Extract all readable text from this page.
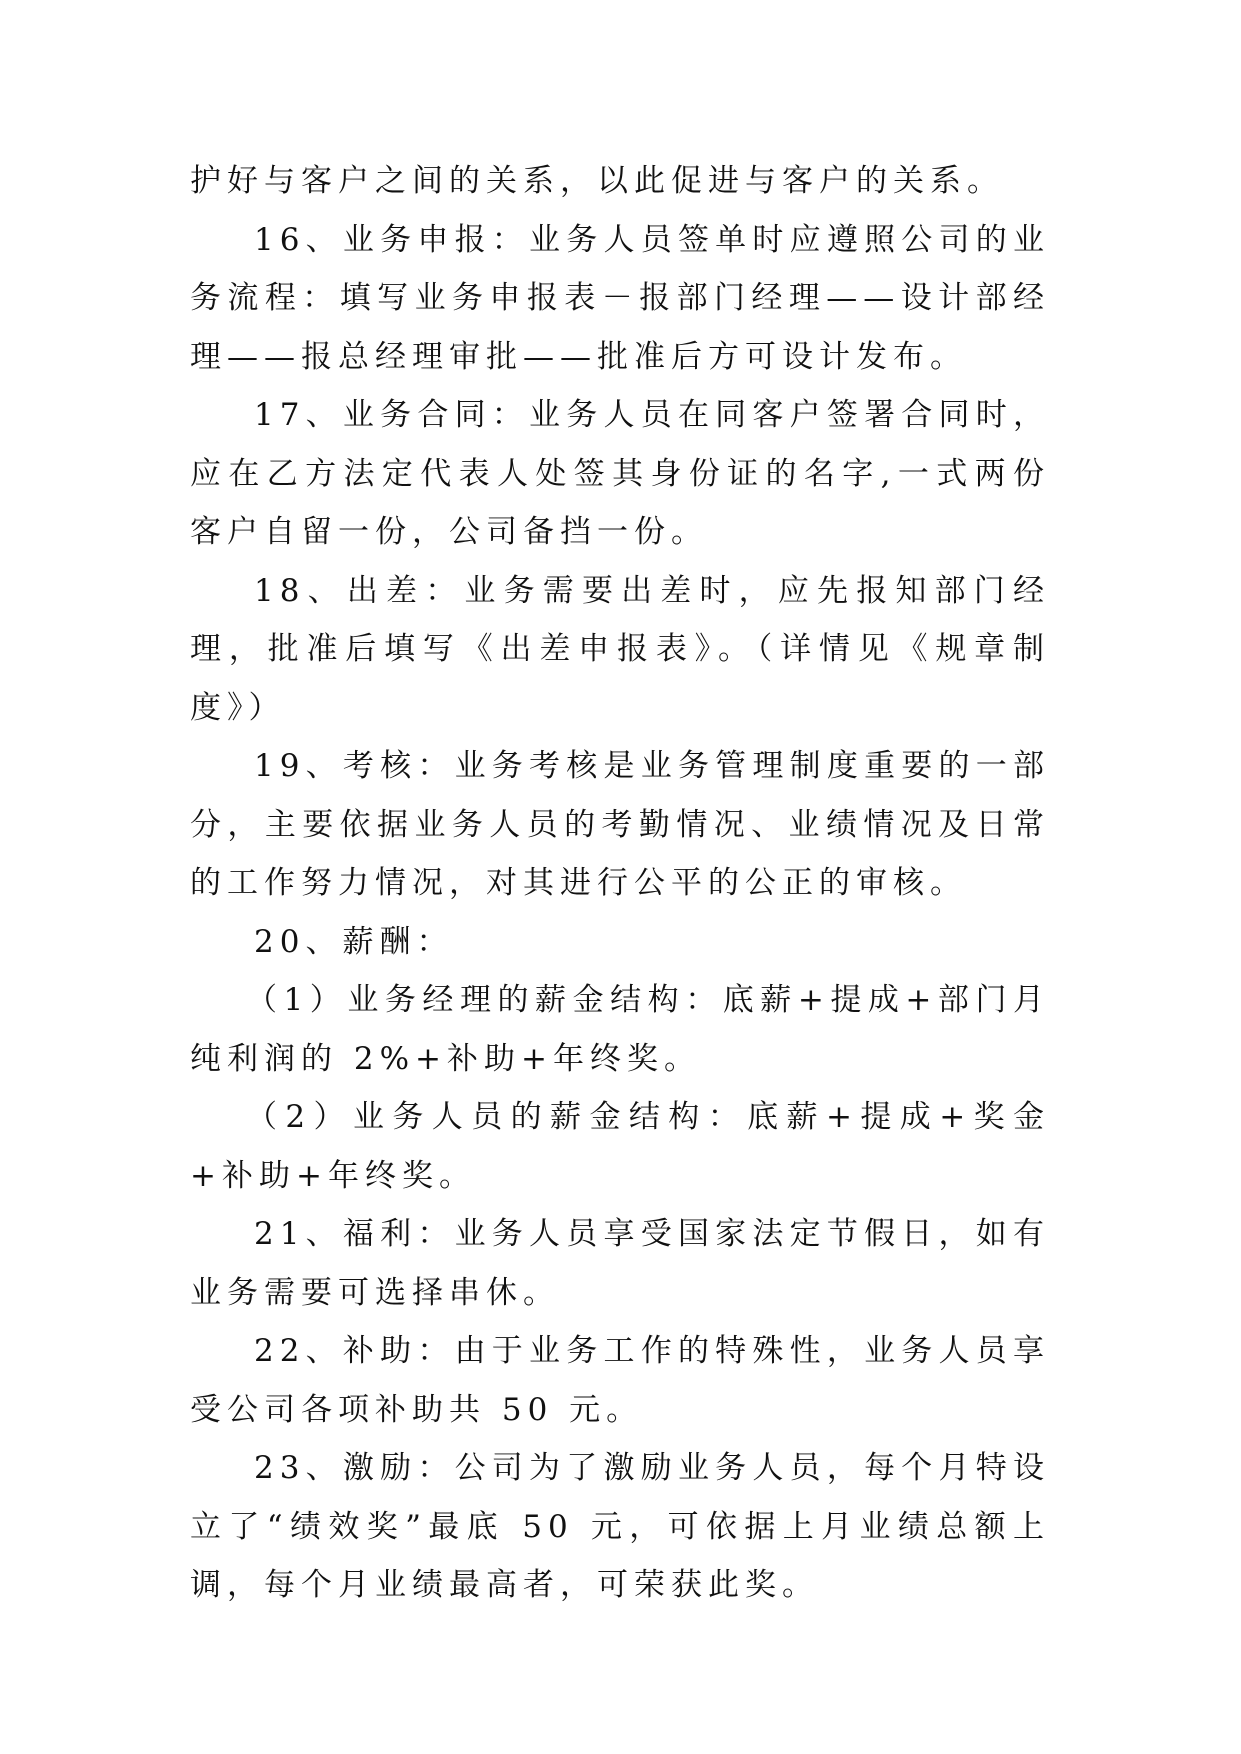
护好与客户之间的关系，以此促进与客户的关系。

16、业务申报：业务人员签单时应遵照公司的业务流程：填写业务申报表－报部门经理——设计部经理——报总经理审批——批准后方可设计发布。

17、业务合同：业务人员在同客户签署合同时，应在乙方法定代表人处签其身份证的名字,一式两份客户自留一份，公司备挡一份。

18、出差：业务需要出差时，应先报知部门经理，批准后填写《出差申报表》。（详情见《规章制度》）

19、考核：业务考核是业务管理制度重要的一部分，主要依据业务人员的考勤情况、业绩情况及日常的工作努力情况，对其进行公平的公正的审核。

20、薪酬：

（1）业务经理的薪金结构：底薪+提成+部门月纯利润的 2%+补助+年终奖。

（2）业务人员的薪金结构：底薪+提成+奖金+补助+年终奖。

21、福利：业务人员享受国家法定节假日，如有业务需要可选择串休。

22、补助：由于业务工作的特殊性，业务人员享受公司各项补助共 50 元。

23、激励：公司为了激励业务人员，每个月特设立了“绩效奖”最底 50 元，可依据上月业绩总额上调，每个月业绩最高者，可荣获此奖。
